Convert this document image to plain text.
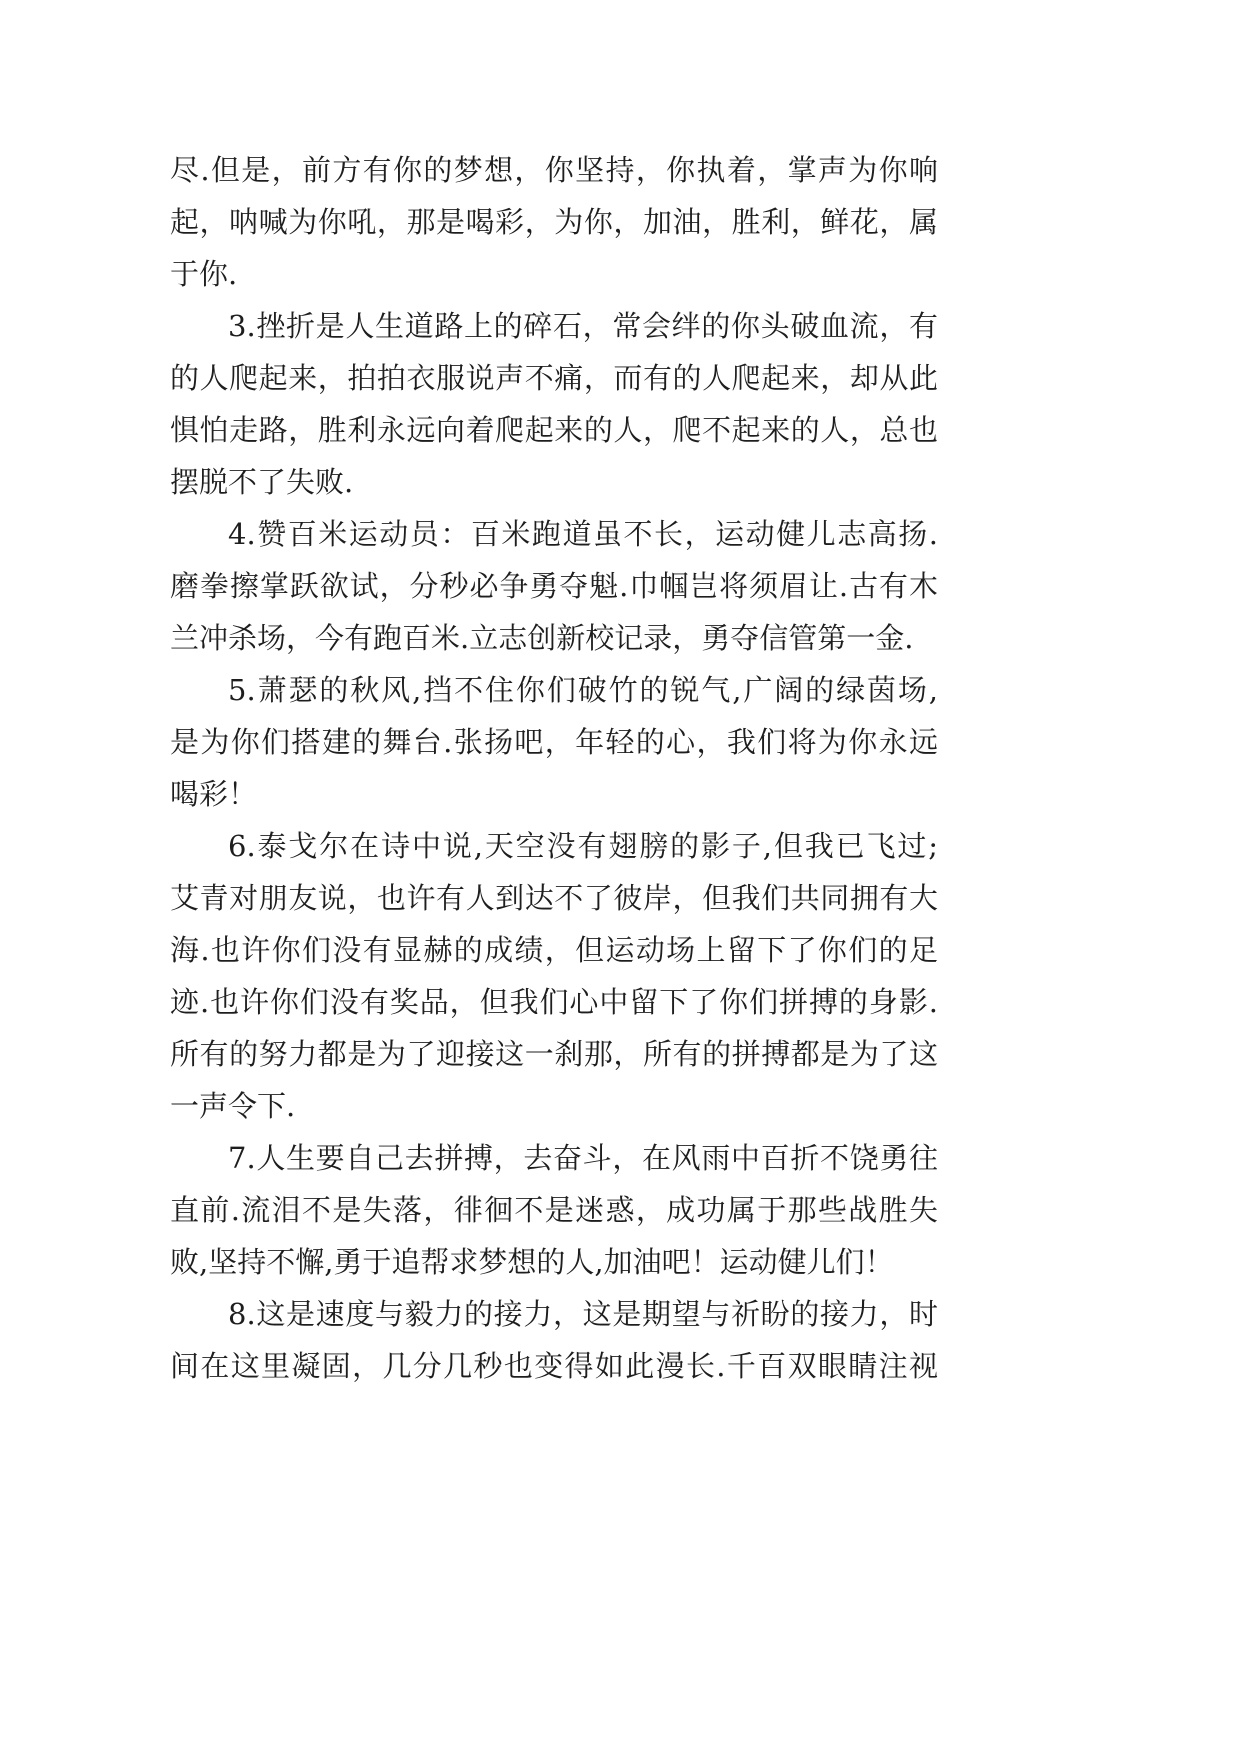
尽.但是，前方有你的梦想，你坚持，你执着，掌声为你响
起，呐喊为你吼，那是喝彩，为你，加油，胜利，鲜花，属
于你.
3.挫折是人生道路上的碎石，常会绊的你头破血流，有
的人爬起来，拍拍衣服说声不痛，而有的人爬起来，却从此
惧怕走路，胜利永远向着爬起来的人，爬不起来的人，总也
摆脱不了失败.
4.赞百米运动员：百米跑道虽不长，运动健儿志高扬.
磨拳擦掌跃欲试，分秒必争勇夺魁.巾帼岂将须眉让.古有木
兰冲杀场，今有跑百米.立志创新校记录，勇夺信管第一金.
5.萧瑟的秋风,挡不住你们破竹的锐气,广阔的绿茵场,
是为你们搭建的舞台.张扬吧，年轻的心，我们将为你永远
喝彩！
6.泰戈尔在诗中说,天空没有翅膀的影子,但我已飞过;
艾青对朋友说，也许有人到达不了彼岸，但我们共同拥有大
海.也许你们没有显赫的成绩，但运动场上留下了你们的足
迹.也许你们没有奖品，但我们心中留下了你们拼搏的身影.
所有的努力都是为了迎接这一刹那，所有的拼搏都是为了这
一声令下.
7.人生要自己去拼搏，去奋斗，在风雨中百折不饶勇往
直前.流泪不是失落，徘徊不是迷惑，成功属于那些战胜失
败,坚持不懈,勇于追帮求梦想的人,加油吧！运动健儿们！
8.这是速度与毅力的接力，这是期望与祈盼的接力，时
间在这里凝固，几分几秒也变得如此漫长.千百双眼睛注视
